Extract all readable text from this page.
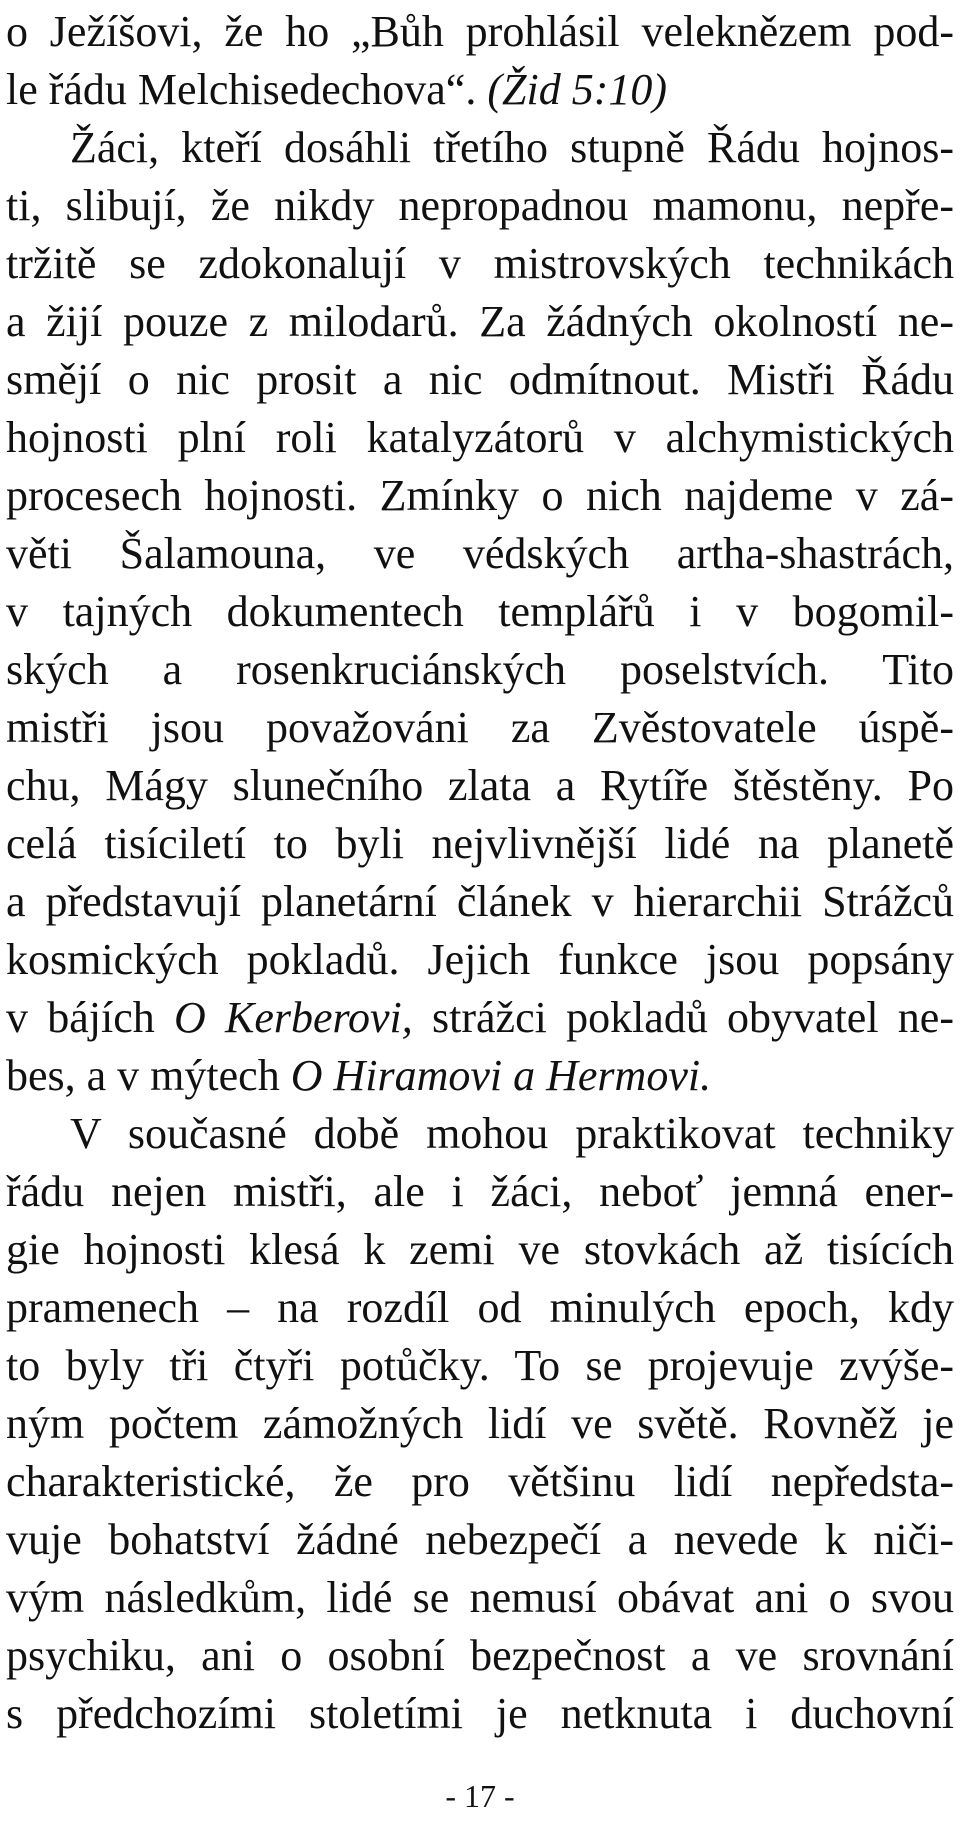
o Ježíšovi, že ho „Bůh prohlásil veleknězem pod-
le řádu Melchisedechova“. (Žid 5:10)
Žáci, kteří dosáhli třetího stupně Řádu hojnos-
ti, slibují, že nikdy nepropadnou mamonu, nepře-
tržitě se zdokonalují v mistrovských technikách
a žijí pouze z milodarů. Za žádných okolností ne-
smějí o nic prosit a nic odmítnout. Mistři Řádu
hojnosti plní roli katalyzátorů v alchymistických
procesech hojnosti. Zmínky o nich najdeme v zá-
věti Šalamouna, ve védských artha-shastrách,
v tajných dokumentech templářů i v bogomil-
ských a rosenkruciánských poselstvích. Tito
mistři jsou považováni za Zvěstovatele úspě-
chu, Mágy slunečního zlata a Rytíře štěstěny. Po
celá tisíciletí to byli nejvlivnější lidé na planetě
a představují planetární článek v hierarchii Strážců
kosmických pokladů. Jejich funkce jsou popsány
v bájích O Kerberovi, strážci pokladů obyvatel ne-
bes, a v mýtech O Hiramovi a Hermovi.
V současné době mohou praktikovat techniky
řádu nejen mistři, ale i žáci, neboť jemná ener-
gie hojnosti klesá k zemi ve stovkách až tisících
pramenech – na rozdíl od minulých epoch, kdy
to byly tři čtyři potůčky. To se projevuje zvýše-
ným počtem zámožných lidí ve světě. Rovněž je
charakteristické, že pro většinu lidí nepředsta-
vuje bohatství žádné nebezpečí a nevede k niči-
vým následkům, lidé se nemusí obávat ani o svou
psychiku, ani o osobní bezpečnost a ve srovnání
s předchozími stoletími je netknuta i duchovní
- 17 -
